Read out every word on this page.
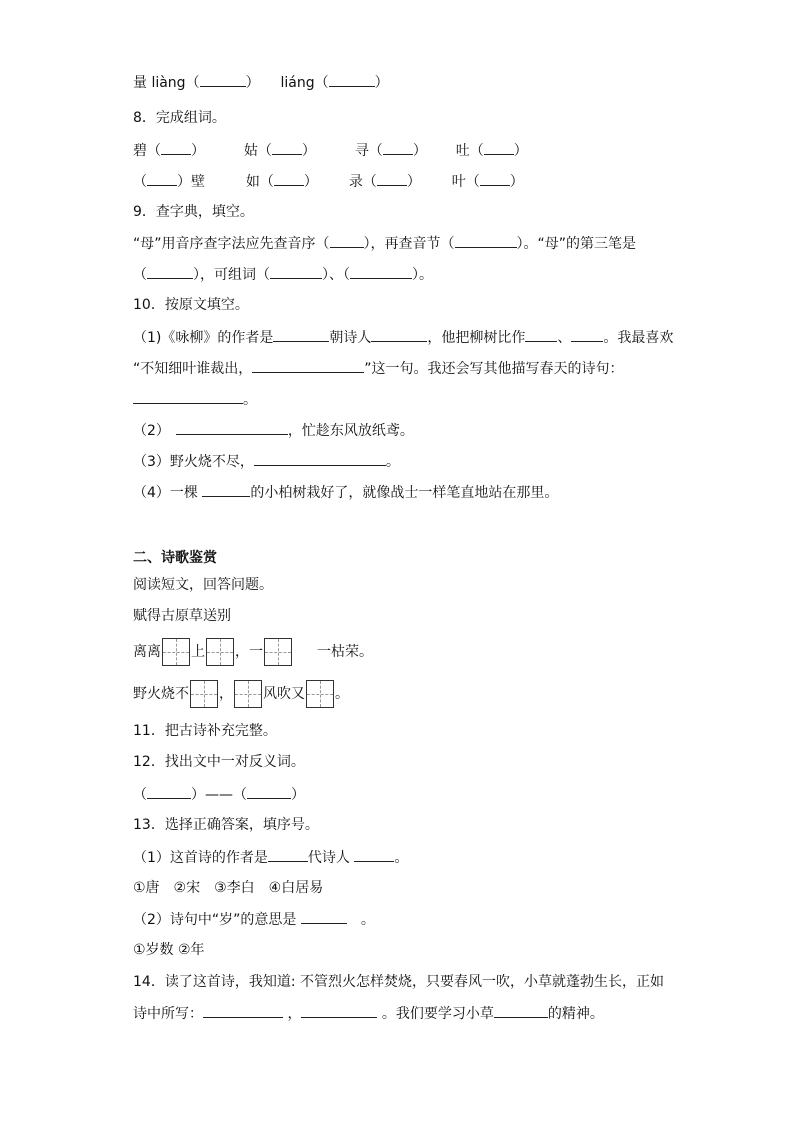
量 liàng（	） liáng（	）
8．完成组词。
碧（ ）	姑（ ）	寻（ ） 吐（ ）
（ ）壁	如（ ） 录（ ） 叶（ ）
9．查字典，填空。
“母”用音序查字法应先查音序（ ），再查音节（	）。“母”的第三笔是
（	），可组词（	）、（	）。
10．按原文填空。
（1)《咏柳》的作者是	朝诗人	，他把柳树比作 、 。我最喜欢
“不知细叶谁裁出，	”这一句。我还会写其他描写春天的诗句：
。
（2）	，忙趁东风放纸鸢。
（3）野火烧不尽，	。
（4）一棵	的小柏树栽好了，就像战士一样笔直地站在那里。
二、诗歌鉴赏
阅读短文，回答问题。
赋得古原草送别
离离 上 ，一	一枯荣。
野火烧不 ， 风吹又 。
11．把古诗补充完整。
12．找出文中一对反义词。
（	）——（	）
13．选择正确答案，填序号。
（1）这首诗的作者是	代诗人	。
①唐　②宋　③李白　④白居易
（2）诗句中“岁”的意思是	　。
①岁数 ②年
14．读了这首诗，我知道: 不管烈火怎样焚烧，只要春风一吹，小草就蓬勃生长，正如
诗中所写：	，	。我们要学习小草	的精神。
